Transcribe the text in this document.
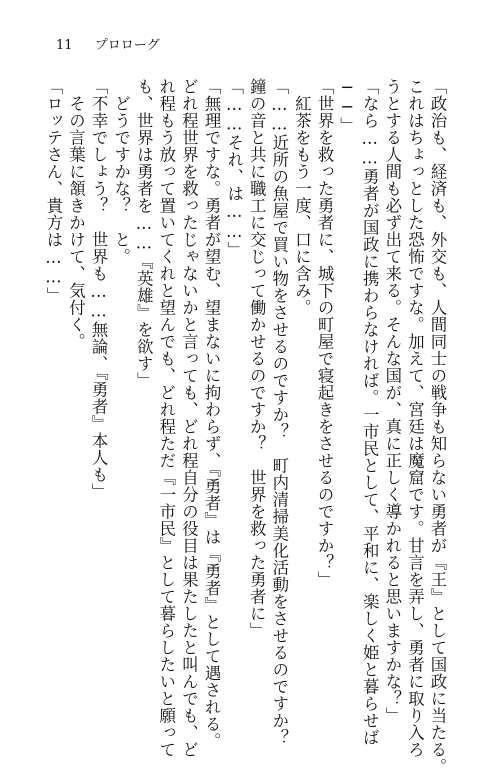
11 プロローグ
「政治も、経済も、外交も、人間同士の戦争も知らない勇者が『王』として国政に当たる。
これはちょっとした恐怖ですな。加えて、宮廷は魔窟です。甘言を弄し、勇者に取り入ろ
うとする人間も必ず出て来る。そんな国が、真に正しく導かれると思いますかな？」
「なら……勇者が国政に携わらなければ。一市民として、平和に、楽しく姫と暮らせば
──」
「世界を救った勇者に、城下の町屋で寝起きをさせるのですか？」
　紅茶をもう一度、口に含み。
「……近所の魚屋で買い物をさせるのですか？　町内清掃美化活動をさせるのですか？
鐘の音と共に職工に交じって働かせるのですか？　世界を救った勇者に」
「……それ、は……」
「無理ですな。勇者が望む、望まないに拘わらず、『勇者』は『勇者』として遇される。
どれ程世界を救ったじゃないかと言っても、どれ程自分の役目は果たしたと叫んでも、ど
れ程もう放って置いてくれと望んでも、どれ程ただ『一市民』として暮らしたいと願って
も、世界は勇者を……『英雄』を欲す」
　どうですかな？　と。
「不幸でしょう？　世界も……無論、『勇者』本人も」
　その言葉に頷きかけて、気付く。
「ロッテさん、貴方は……」
